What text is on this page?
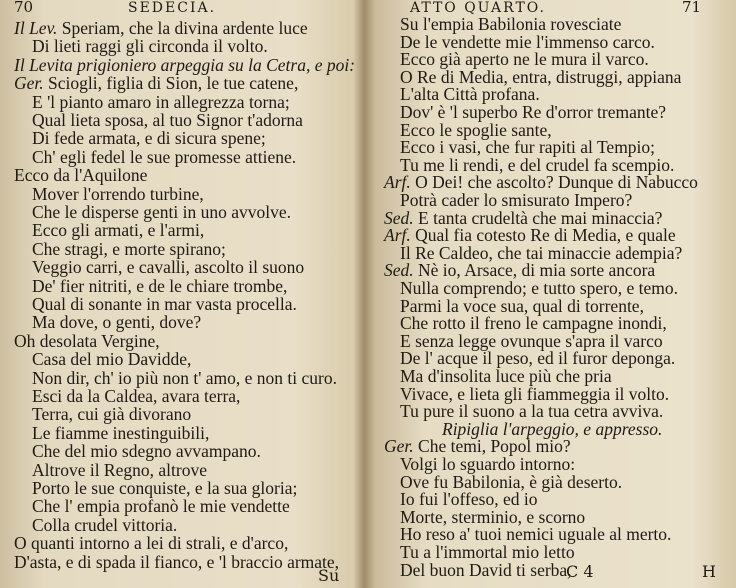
70	SEDECIA.
Il Lev. Speriam, che la divina ardente luce
Di lieti raggi gli circonda il volto.
Il Levita prigioniero arpeggia su la Cetra, e poi:
Ger. Sciogli, figlia di Sion, le tue catene,
E 'l pianto amaro in allegrezza torna;
Qual lieta sposa, al tuo Signor t'adorna
Di fede armata, e di sicura spene;
Ch' egli fedel le sue promesse attiene.
Ecco da l'Aquilone
Mover l'orrendo turbine,
Che le disperse genti in uno avvolve.
Ecco gli armati, e l'armi,
Che stragi, e morte spirano;
Veggio carri, e cavalli, ascolto il suono
De' fier nitriti, e de le chiare trombe,
Qual di sonante in mar vasta procella.
Ma dove, o genti, dove?
Oh desolata Vergine,
Casa del mio Davidde,
Non dir, ch' io più non t' amo, e non ti curo.
Esci da la Caldea, avara terra,
Terra, cui già divorano
Le fiamme inestinguibili,
Che del mio sdegno avvampano.
Altrove il Regno, altrove
Porto le sue conquiste, e la sua gloria;
Che l' empia profanò le mie vendette
Colla crudel vittoria.
O quanti intorno a lei di strali, e d'arco,
D'asta, e di spada il fianco, e 'l braccio armate,
Su
ATTO QUARTO.	71
Su l'empia Babilonia rovesciate
De le vendette mie l'immenso carco.
Ecco già aperto ne le mura il varco.
O Re di Media, entra, distruggi, appiana
L'alta Città profana.
Dov' è 'l superbo Re d'orror tremante?
Ecco le spoglie sante,
Ecco i vasi, che fur rapiti al Tempio;
Tu me li rendi, e del crudel fa scempio.
Arf. O Dei! che ascolto? Dunque di Nabucco
Potrà cader lo smisurato Impero?
Sed. E tanta crudeltà che mai minaccia?
Arf. Qual fia cotesto Re di Media, e quale
Il Re Caldeo, che tai minaccie adempia?
Sed. Nè io, Arsace, di mia sorte ancora
Nulla comprendo; e tutto spero, e temo.
Parmi la voce sua, qual di torrente,
Che rotto il freno le campagne inondi,
E senza legge ovunque s'apra il varco
De l' acque il peso, ed il furor deponga.
Ma d'insolita luce più che pria
Vivace, e lieta gli fiammeggia il volto.
Tu pure il suono a la tua cetra avviva.
Ripiglia l'arpeggio, e appresso.
Ger. Che temi, Popol mio?
Volgi lo sguardo intorno:
Ove fu Babilonia, è già deserto.
Io fui l'offeso, ed io
Morte, sterminio, e scorno
Ho reso a' tuoi nemici uguale al merto.
Tu a l'immortal mio letto
Del buon David ti serba,
C 4	H
